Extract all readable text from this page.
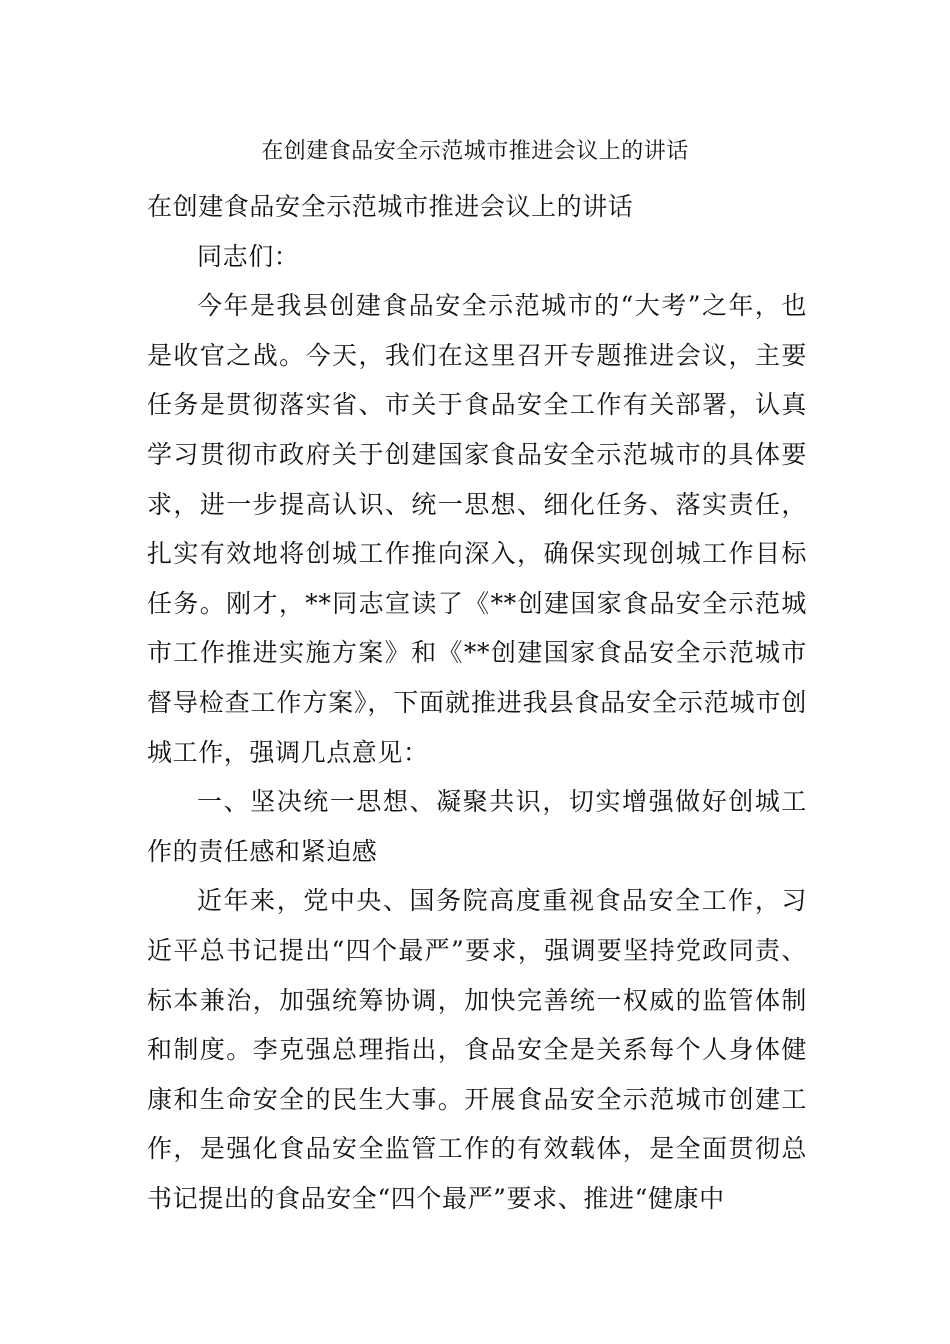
在创建食品安全示范城市推进会议上的讲话

在创建食品安全示范城市推进会议上的讲话

同志们：

今年是我县创建食品安全示范城市的“大考”之年，也是收官之战。今天，我们在这里召开专题推进会议，主要任务是贯彻落实省、市关于食品安全工作有关部署，认真学习贯彻市政府关于创建国家食品安全示范城市的具体要求，进一步提高认识、统一思想、细化任务、落实责任，扎实有效地将创城工作推向深入，确保实现创城工作目标任务。刚才，**同志宣读了《**创建国家食品安全示范城市工作推进实施方案》和《**创建国家食品安全示范城市督导检查工作方案》，下面就推进我县食品安全示范城市创城工作，强调几点意见：

一、坚决统一思想、凝聚共识，切实增强做好创城工作的责任感和紧迫感

近年来，党中央、国务院高度重视食品安全工作，习近平总书记提出“四个最严”要求，强调要坚持党政同责、标本兼治，加强统筹协调，加快完善统一权威的监管体制和制度。李克强总理指出，食品安全是关系每个人身体健康和生命安全的民生大事。开展食品安全示范城市创建工作，是强化食品安全监管工作的有效载体，是全面贯彻总书记提出的食品安全“四个最严”要求、推进“健康中
